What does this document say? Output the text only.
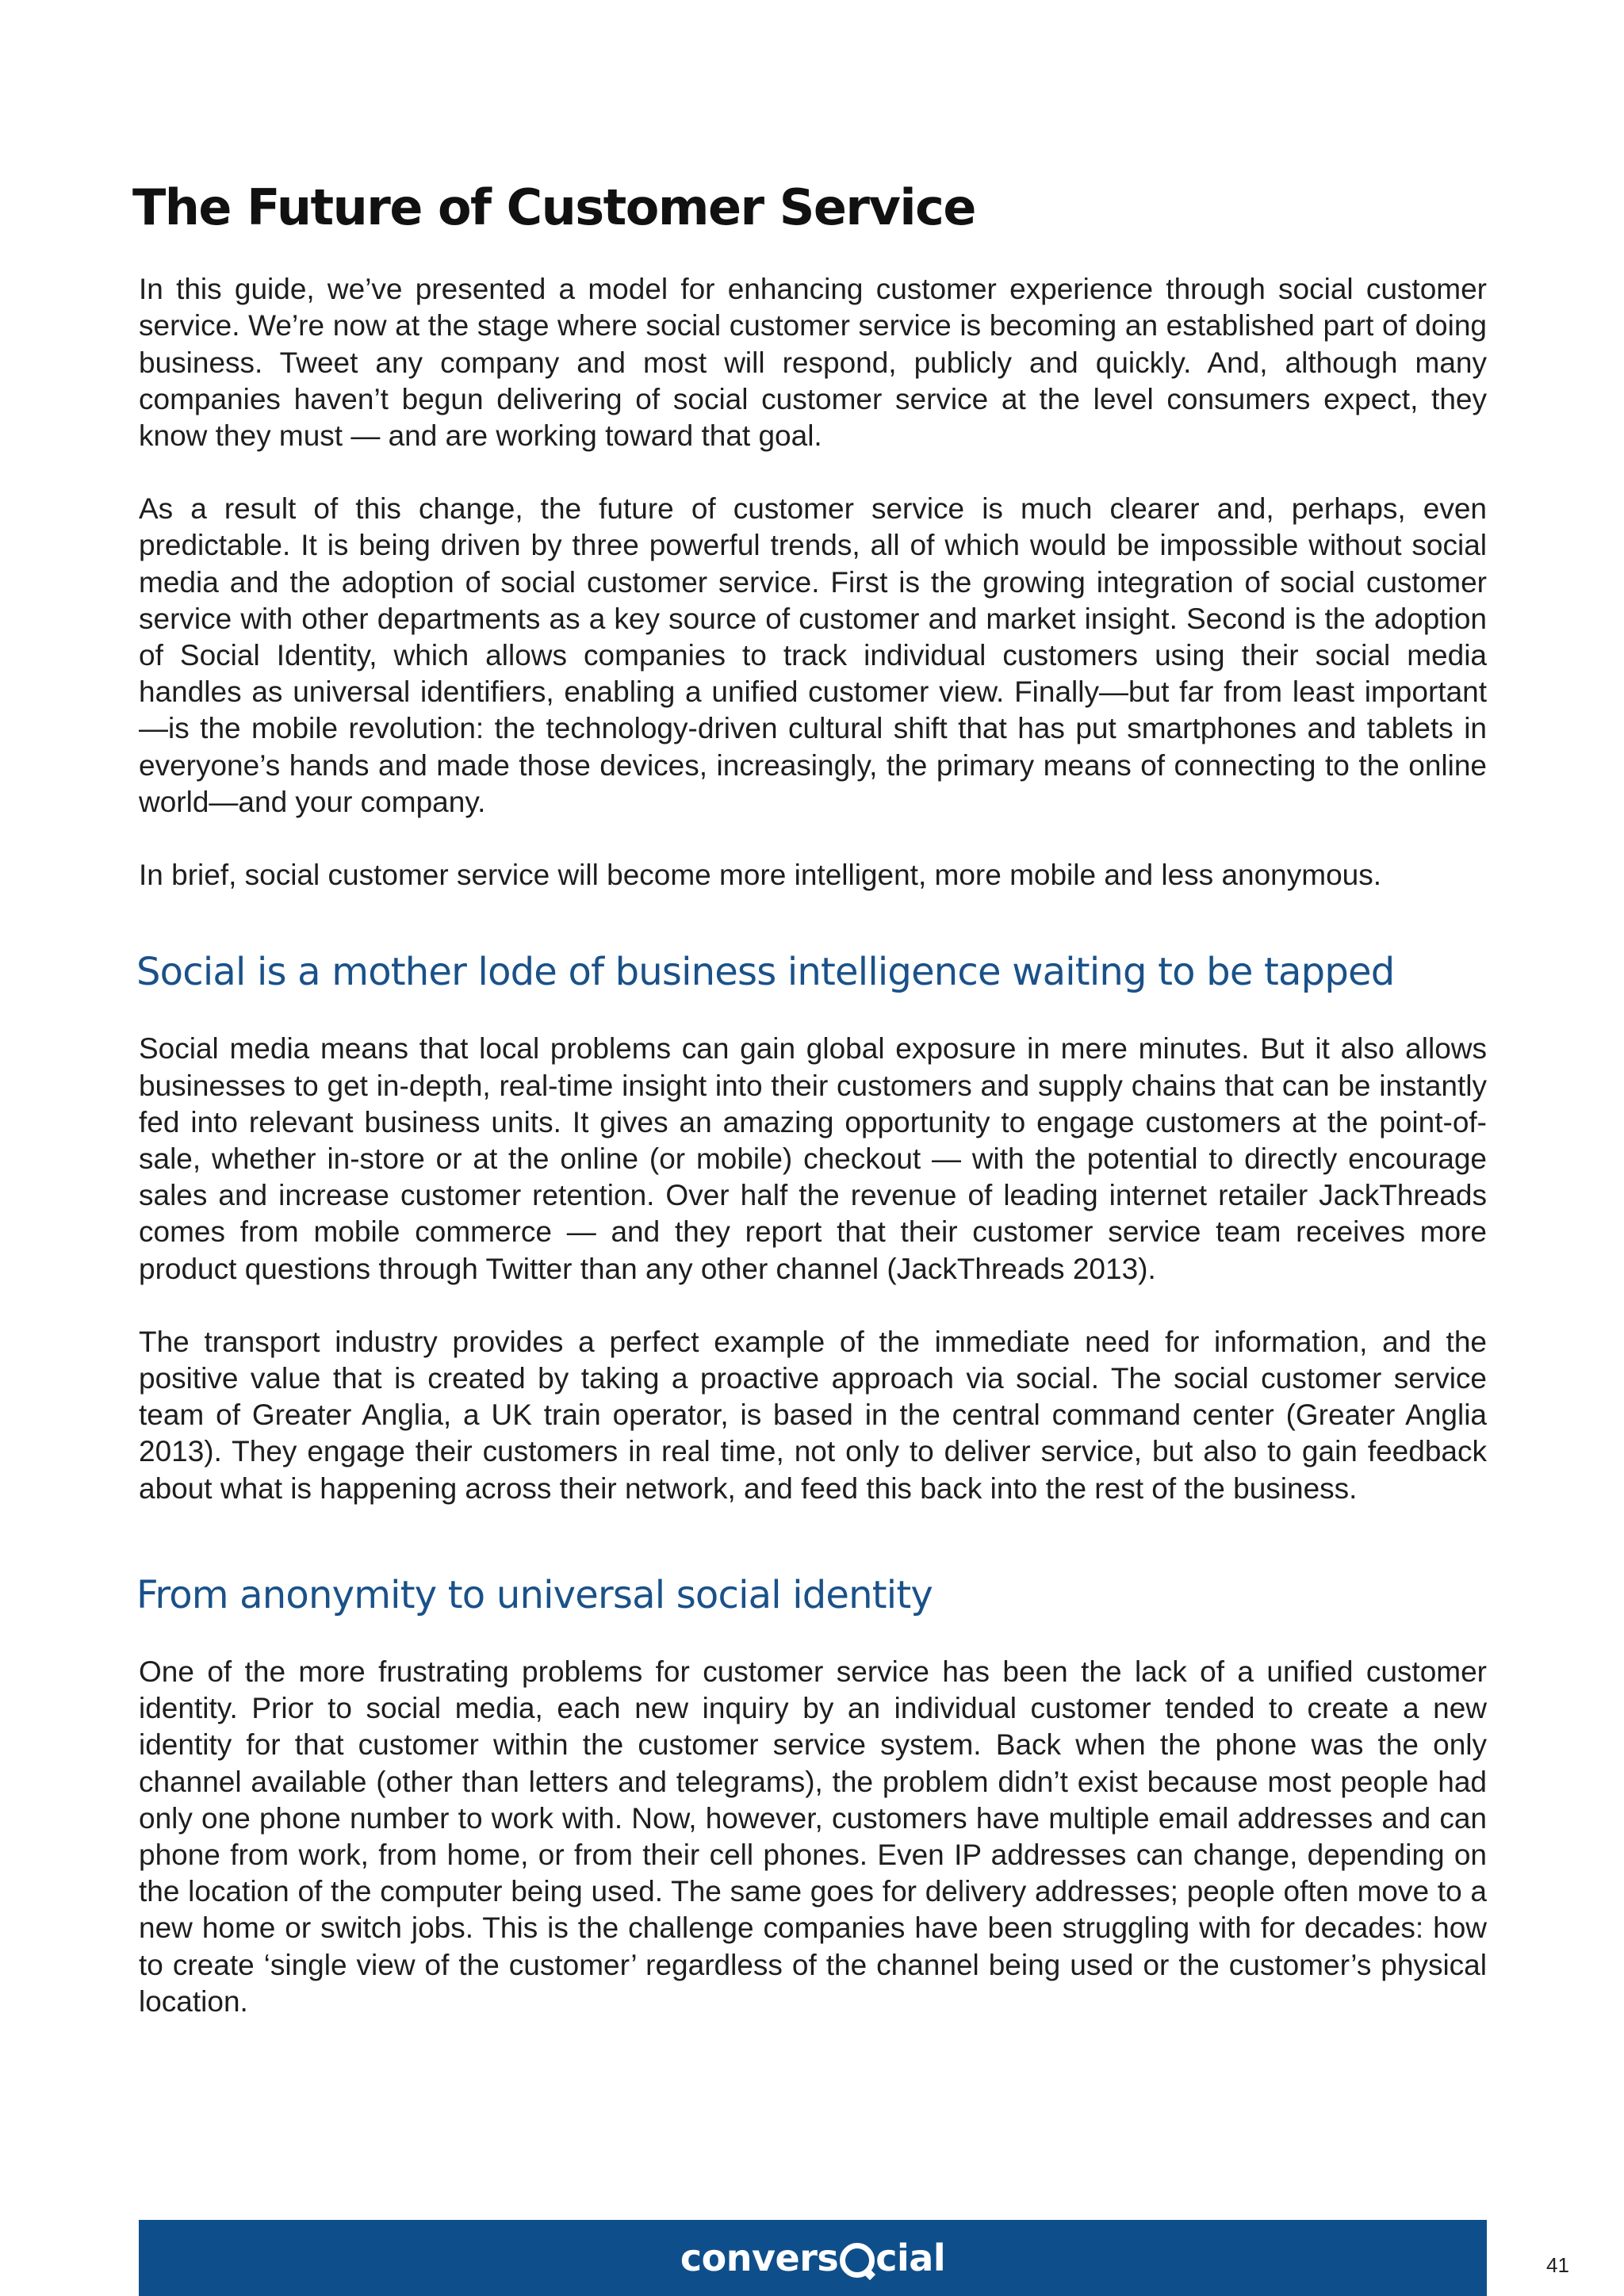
The Future of Customer Service

In this guide, we’ve presented a model for enhancing customer experience through social customer service. We’re now at the stage where social customer service is becoming an established part of doing business. Tweet any company and most will respond, publicly and quickly. And, although many companies haven’t begun delivering of social customer service at the level consumers expect, they know they must — and are working toward that goal.

As a result of this change, the future of customer service is much clearer and, perhaps, even predictable. It is being driven by three powerful trends, all of which would be impossible without social media and the adoption of social customer service. First is the growing integration of social customer service with other departments as a key source of customer and market insight. Second is the adoption of Social Identity, which allows companies to track individual customers using their social media handles as universal identifiers, enabling a unified customer view. Finally—but far from least important—is the mobile revolution: the technology-driven cultural shift that has put smartphones and tablets in everyone’s hands and made those devices, increasingly, the primary means of connecting to the online world—and your company.

In brief, social customer service will become more intelligent, more mobile and less anonymous.

Social is a mother lode of business intelligence waiting to be tapped

Social media means that local problems can gain global exposure in mere minutes. But it also allows businesses to get in-depth, real-time insight into their customers and supply chains that can be instantly fed into relevant business units. It gives an amazing opportunity to engage customers at the point-of-sale, whether in-store or at the online (or mobile) checkout — with the potential to directly encourage sales and increase customer retention. Over half the revenue of leading internet retailer JackThreads comes from mobile commerce — and they report that their customer service team receives more product questions through Twitter than any other channel (JackThreads 2013).

The transport industry provides a perfect example of the immediate need for information, and the positive value that is created by taking a proactive approach via social. The social customer service team of Greater Anglia, a UK train operator, is based in the central command center (Greater Anglia 2013). They engage their customers in real time, not only to deliver service, but also to gain feedback about what is happening across their network, and feed this back into the rest of the business.

From anonymity to universal social identity

One of the more frustrating problems for customer service has been the lack of a unified customer identity. Prior to social media, each new inquiry by an individual customer tended to create a new identity for that customer within the customer service system. Back when the phone was the only channel available (other than letters and telegrams), the problem didn’t exist because most people had only one phone number to work with. Now, however, customers have multiple email addresses and can phone from work, from home, or from their cell phones. Even IP addresses can change, depending on the location of the computer being used. The same goes for delivery addresses; people often move to a new home or switch jobs. This is the challenge companies have been struggling with for decades: how to create ‘single view of the customer’ regardless of the channel being used or the customer’s physical location.

convers cial	41
